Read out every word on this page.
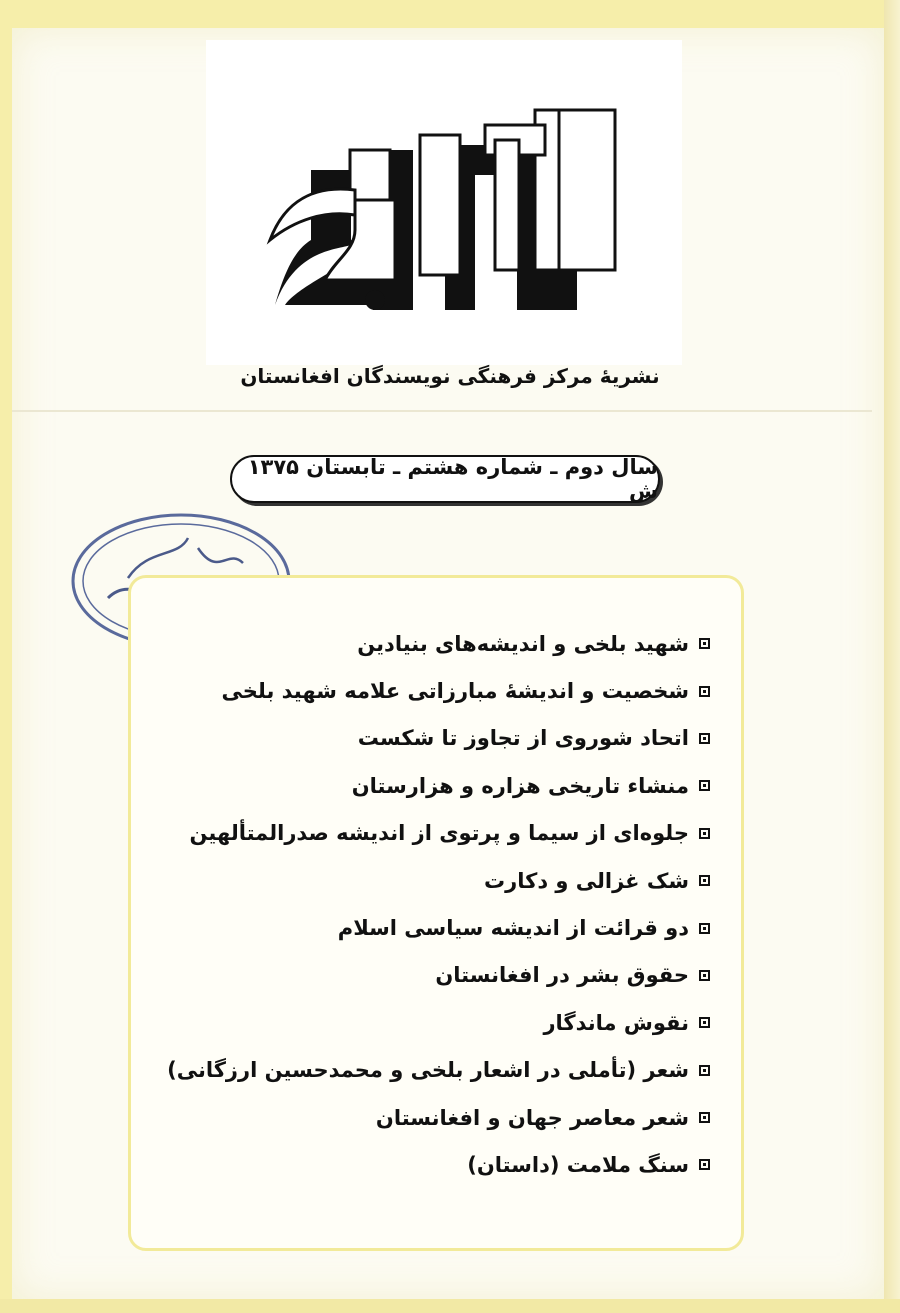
نشریهٔ مرکز فرهنگی نویسندگان افغانستان
سال دوم ـ شماره هشتم ـ تابستان ۱۳۷۵ ش
شهید بلخی و اندیشه‌های بنیادین
شخصیت و اندیشهٔ مبارزاتی علامه شهید بلخی
اتحاد شوروی از تجاوز تا شکست
منشاء تاریخی هزاره و هزارستان
جلوه‌ای از سیما و پرتوی از اندیشه صدرالمتألهین
شک غزالی و دکارت
دو قرائت از اندیشه سیاسی اسلام
حقوق بشر در افغانستان
نقوش ماندگار
شعر (تأملی در اشعار بلخی و محمدحسین ارزگانی)
شعر معاصر جهان و افغانستان
سنگ ملامت (داستان)
